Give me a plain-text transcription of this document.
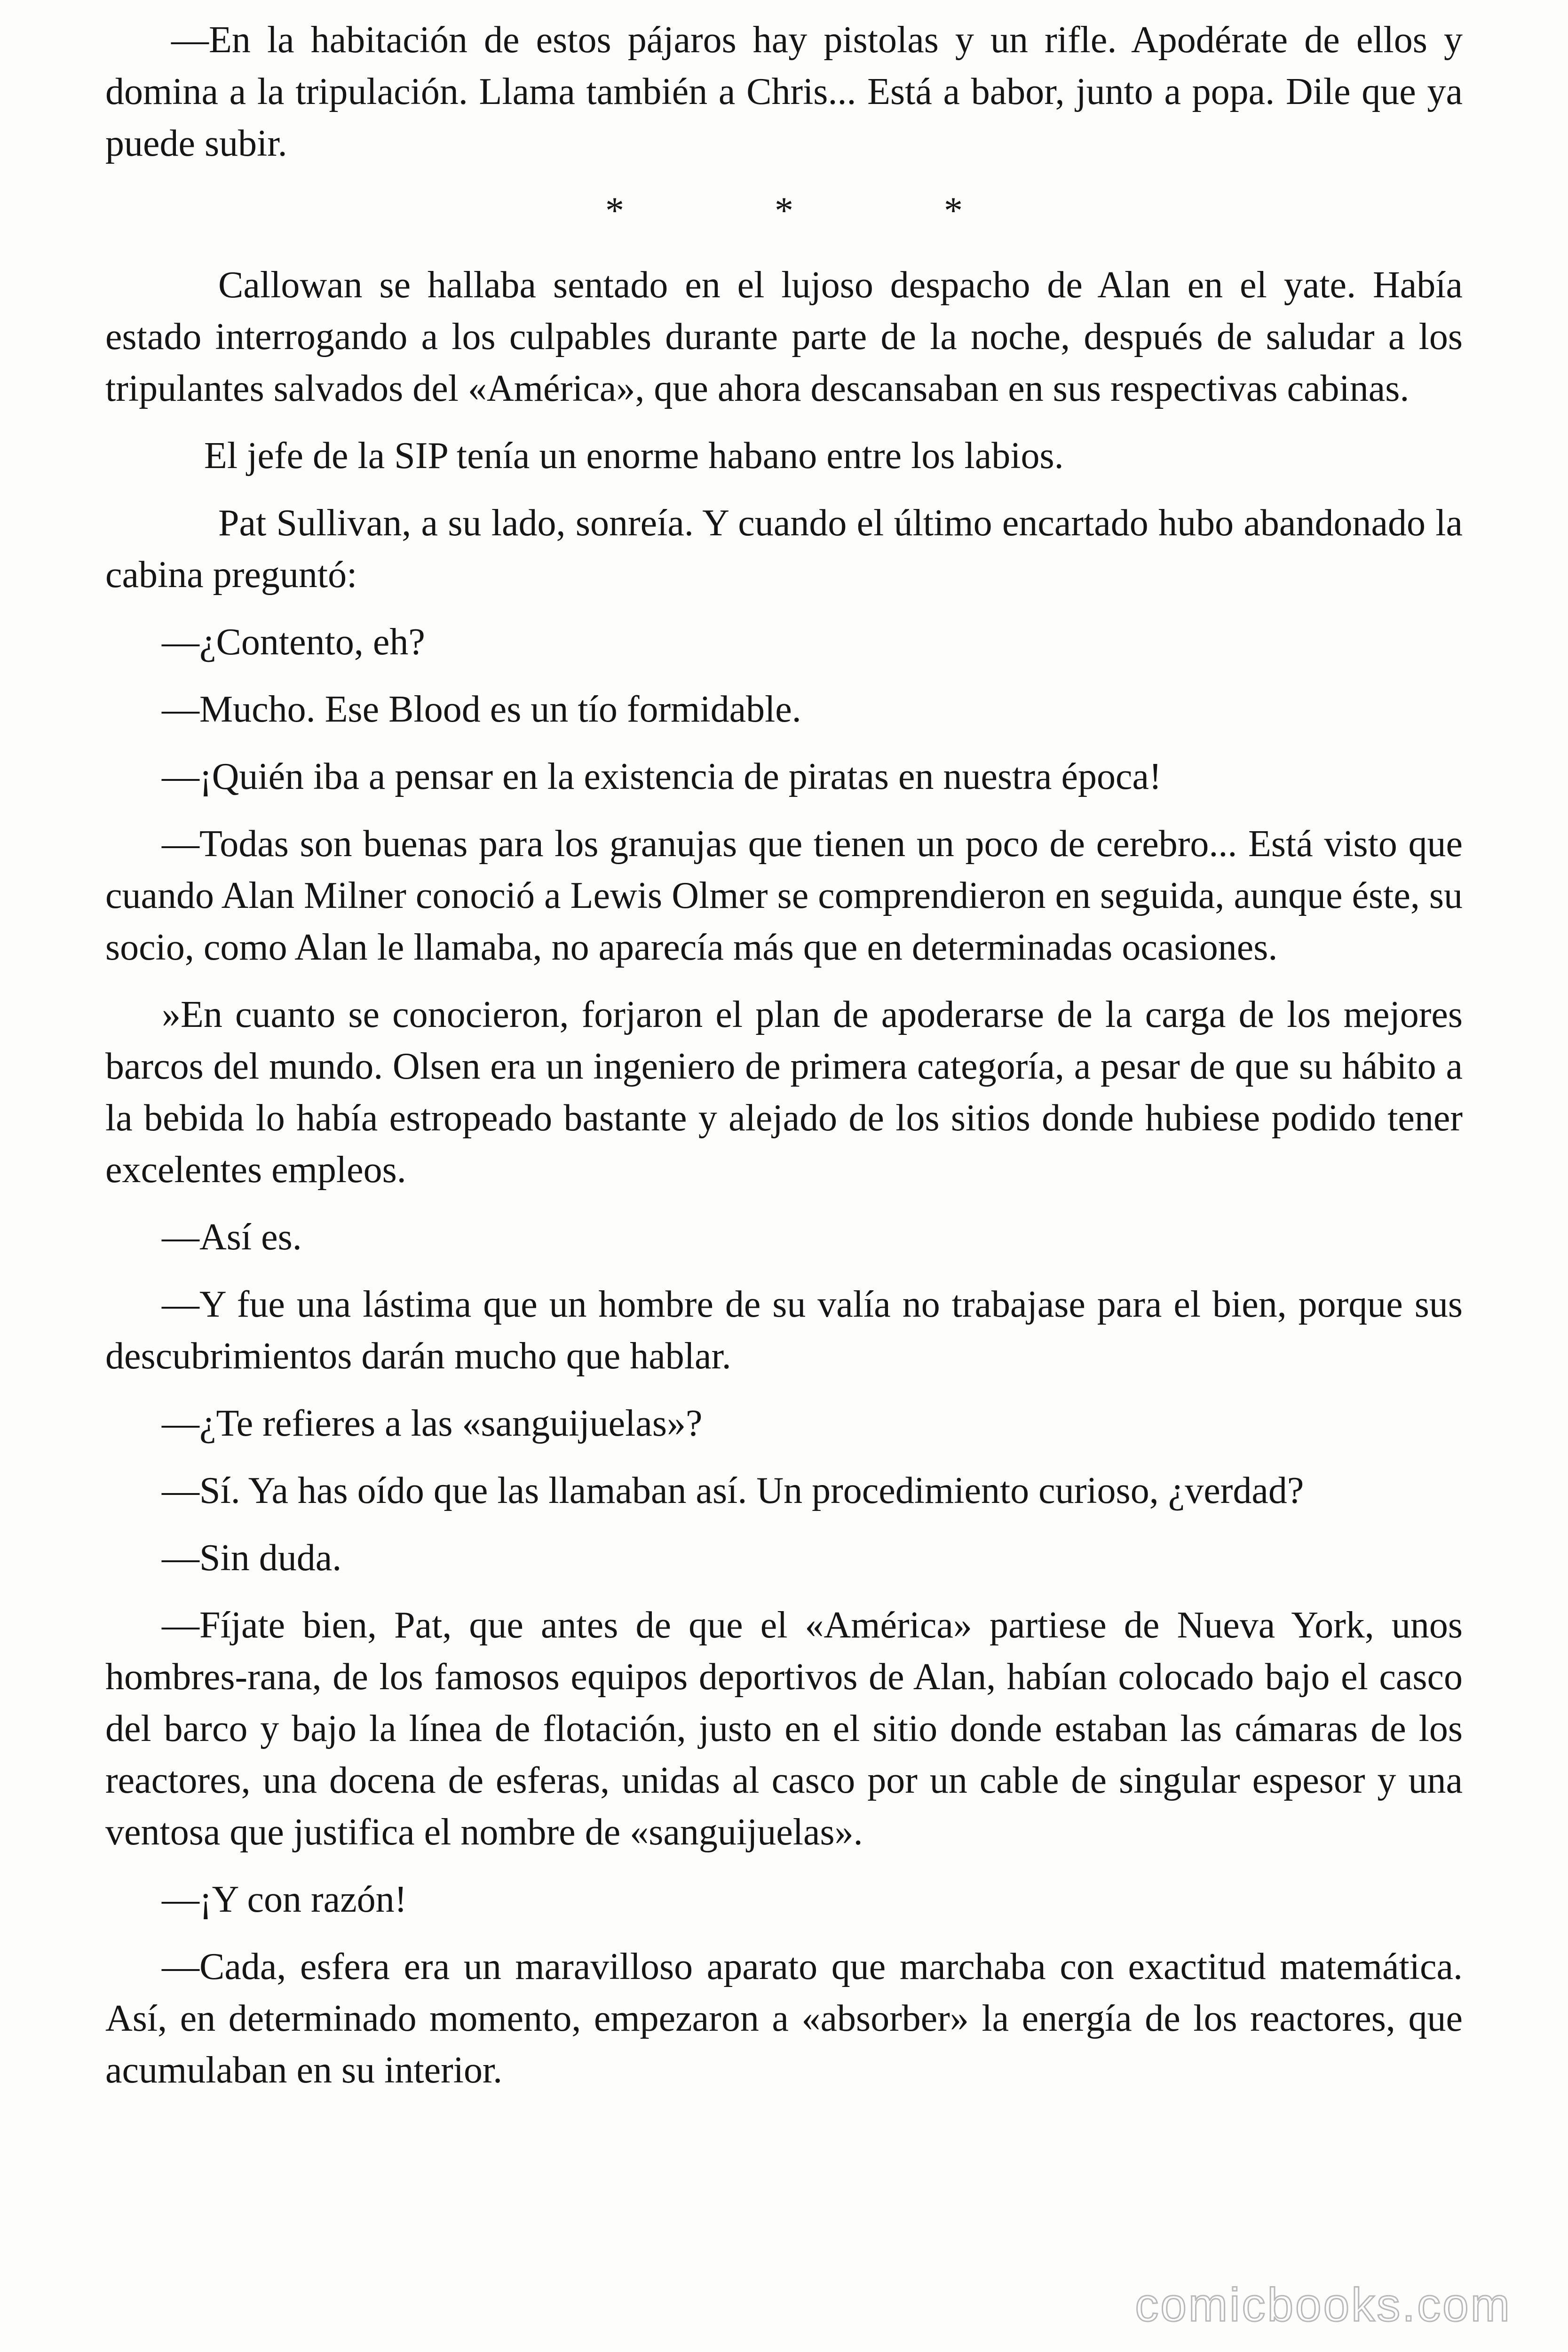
—En la habitación de estos pájaros hay pistolas y un rifle. Apodérate de ellos y domina a la tripulación. Llama también a Chris... Está a babor, junto a popa. Dile que ya puede subir.

* * *

Callowan se hallaba sentado en el lujoso despacho de Alan en el yate. Había estado interrogando a los culpables durante parte de la noche, después de saludar a los tripulantes salvados del «América», que ahora descansaban en sus respectivas cabinas.

El jefe de la SIP tenía un enorme habano entre los labios.

Pat Sullivan, a su lado, sonreía. Y cuando el último encartado hubo abandonado la cabina preguntó:

—¿Contento, eh?

—Mucho. Ese Blood es un tío formidable.

—¡Quién iba a pensar en la existencia de piratas en nuestra época!

—Todas son buenas para los granujas que tienen un poco de cerebro... Está visto que cuando Alan Milner conoció a Lewis Olmer se comprendieron en seguida, aunque éste, su socio, como Alan le llamaba, no aparecía más que en determinadas ocasiones.

»En cuanto se conocieron, forjaron el plan de apoderarse de la carga de los mejores barcos del mundo. Olsen era un ingeniero de primera categoría, a pesar de que su hábito a la bebida lo había estropeado bastante y alejado de los sitios donde hubiese podido tener excelentes empleos.

—Así es.

—Y fue una lástima que un hombre de su valía no trabajase para el bien, porque sus descubrimientos darán mucho que hablar.

—¿Te refieres a las «sanguijuelas»?

—Sí. Ya has oído que las llamaban así. Un procedimiento curioso, ¿verdad?

—Sin duda.

—Fíjate bien, Pat, que antes de que el «América» partiese de Nueva York, unos hombres-rana, de los famosos equipos deportivos de Alan, habían colocado bajo el casco del barco y bajo la línea de flotación, justo en el sitio donde estaban las cámaras de los reactores, una docena de esferas, unidas al casco por un cable de singular espesor y una ventosa que justifica el nombre de «sanguijuelas».

—¡Y con razón!

—Cada, esfera era un maravilloso aparato que marchaba con exactitud matemática. Así, en determinado momento, empezaron a «absorber» la energía de los reactores, que acumulaban en su interior.

comicbooks.com
